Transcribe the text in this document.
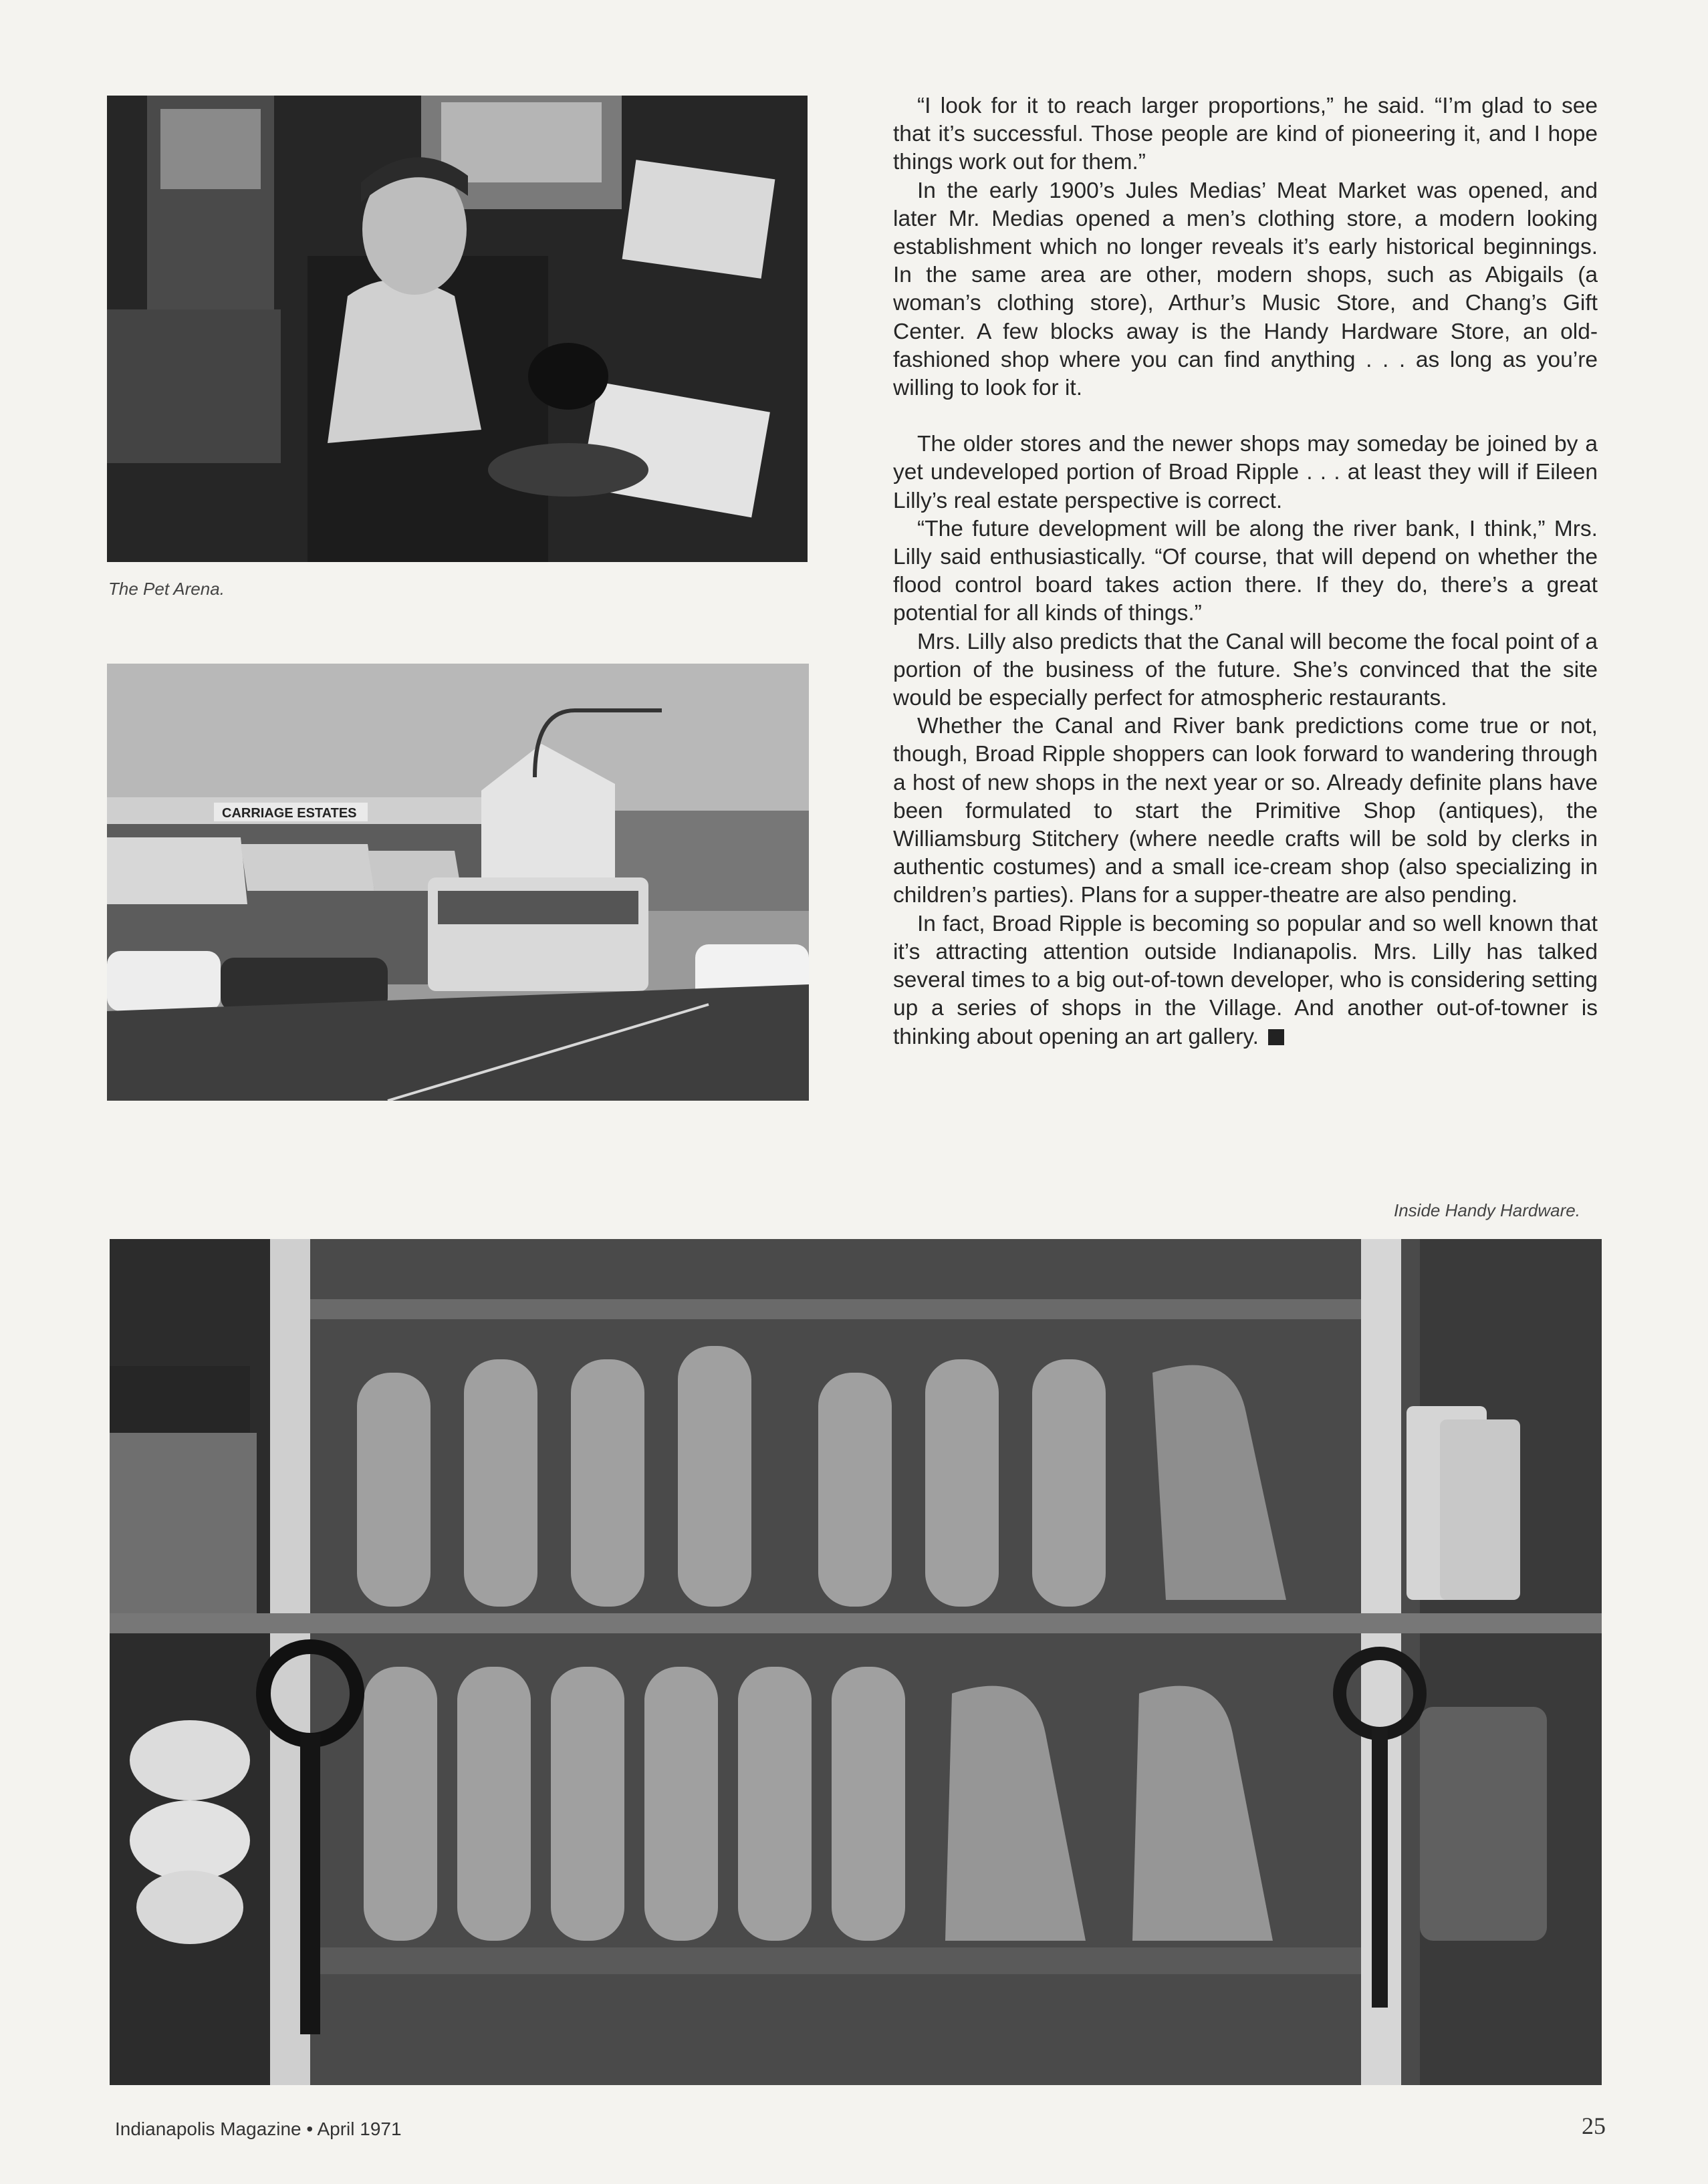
The Pet Arena.

CARRIAGE ESTATES

“I look for it to reach larger proportions,” he said. “I’m glad to see that it’s successful. Those people are kind of pioneering it, and I hope things work out for them.”

In the early 1900’s Jules Medias’ Meat Market was opened, and later Mr. Medias opened a men’s clothing store, a modern looking establishment which no longer reveals it’s early historical beginnings. In the same area are other, modern shops, such as Abigails (a woman’s clothing store), Arthur’s Music Store, and Chang’s Gift Center. A few blocks away is the Handy Hardware Store, an old-fashioned shop where you can find anything . . . as long as you’re willing to look for it.

The older stores and the newer shops may someday be joined by a yet undeveloped portion of Broad Ripple . . . at least they will if Eileen Lilly’s real estate perspective is correct.

“The future development will be along the river bank, I think,” Mrs. Lilly said enthusiastically. “Of course, that will depend on whether the flood control board takes action there. If they do, there’s a great potential for all kinds of things.”

Mrs. Lilly also predicts that the Canal will become the focal point of a portion of the business of the future. She’s convinced that the site would be especially perfect for atmospheric restaurants.

Whether the Canal and River bank predictions come true or not, though, Broad Ripple shoppers can look forward to wandering through a host of new shops in the next year or so. Already definite plans have been formulated to start the Primitive Shop (antiques), the Williamsburg Stitchery (where needle crafts will be sold by clerks in authentic costumes) and a small ice-cream shop (also specializing in children’s parties). Plans for a supper-theatre are also pending.

In fact, Broad Ripple is becoming so popular and so well known that it’s attracting attention outside Indianapolis. Mrs. Lilly has talked several times to a big out-of-town developer, who is considering setting up a series of shops in the Village. And another out-of-towner is thinking about opening an art gallery.

Inside Handy Hardware.

Indianapolis Magazine • April 1971	25
